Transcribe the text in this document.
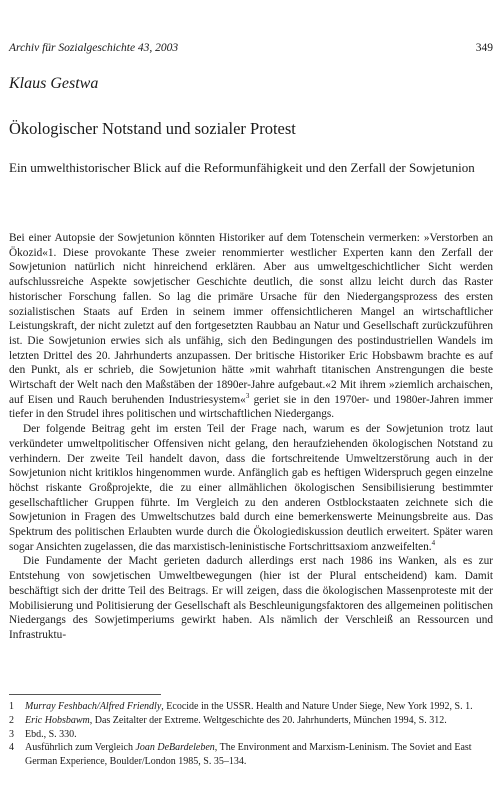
Archiv für Sozialgeschichte 43, 2003	349
Klaus Gestwa
Ökologischer Notstand und sozialer Protest
Ein umwelthistorischer Blick auf die Reformunfähigkeit und den Zerfall der Sowjetunion

Bei einer Autopsie der Sowjetunion könnten Historiker auf dem Totenschein vermerken: »Verstorben an Ökozid«1. Diese provokante These zweier renommierter westlicher Experten kann den Zerfall der Sowjetunion natürlich nicht hinreichend erklären. Aber aus umweltgeschichtlicher Sicht werden aufschlussreiche Aspekte sowjetischer Geschichte deutlich, die sonst allzu leicht durch das Raster historischer Forschung fallen. So lag die primäre Ursache für den Niedergangsprozess des ersten sozialistischen Staats auf Erden in seinem immer offensichtlicheren Mangel an wirtschaftlicher Leistungskraft, der nicht zuletzt auf den fortgesetzten Raubbau an Natur und Gesellschaft zurückzuführen ist. Die Sowjetunion erwies sich als unfähig, sich den Bedingungen des postindustriellen Wandels im letzten Drittel des 20. Jahrhunderts anzupassen. Der britische Historiker Eric Hobsbawm brachte es auf den Punkt, als er schrieb, die Sowjetunion hätte »mit wahrhaft titanischen Anstrengungen die beste Wirtschaft der Welt nach den Maßstäben der 1890er-Jahre aufgebaut.«2 Mit ihrem »ziemlich archaischen, auf Eisen und Rauch beruhenden Industriesystem«$^3$ geriet sie in den 1970er- und 1980er-Jahren immer tiefer in den Strudel ihres politischen und wirtschaftlichen Niedergangs.

Der folgende Beitrag geht im ersten Teil der Frage nach, warum es der Sowjetunion trotz laut verkündeter umweltpolitischer Offensiven nicht gelang, den heraufziehenden ökologischen Notstand zu verhindern. Der zweite Teil handelt davon, dass die fortschreitende Umweltzerstörung auch in der Sowjetunion nicht kritiklos hingenommen wurde. Anfänglich gab es heftigen Widerspruch gegen einzelne höchst riskante Großprojekte, die zu einer allmählichen ökologischen Sensibilisierung bestimmter gesellschaftlicher Gruppen führte. Im Vergleich zu den anderen Ostblockstaaten zeichnete sich die Sowjetunion in Fragen des Umweltschutzes bald durch eine bemerkenswerte Meinungsbreite aus. Das Spektrum des politischen Erlaubten wurde durch die Ökologiediskussion deutlich erweitert. Später waren sogar Ansichten zugelassen, die das marxistisch-leninistische Fortschrittsaxiom anzweifelten.$^4$

Die Fundamente der Macht gerieten dadurch allerdings erst nach 1986 ins Wanken, als es zur Entstehung von sowjetischen Umweltbewegungen (hier ist der Plural entscheidend) kam. Damit beschäftigt sich der dritte Teil des Beitrags. Er will zeigen, dass die ökologischen Massenproteste mit der Mobilisierung und Politisierung der Gesellschaft als Beschleunigungsfaktoren des allgemeinen politischen Niedergangs des Sowjetimperiums gewirkt haben. Als nämlich der Verschleiß an Ressourcen und Infrastruktu-

1	Murray Feshbach/Alfred Friendly, Ecocide in the USSR. Health and Nature Under Siege, New York 1992, S. 1.
2	Eric Hobsbawm, Das Zeitalter der Extreme. Weltgeschichte des 20. Jahrhunderts, München 1994, S. 312.
3	Ebd., S. 330.
4	Ausführlich zum Vergleich Joan DeBardeleben, The Environment and Marxism-Leninism. The Soviet and East German Experience, Boulder/London 1985, S. 35–134.
